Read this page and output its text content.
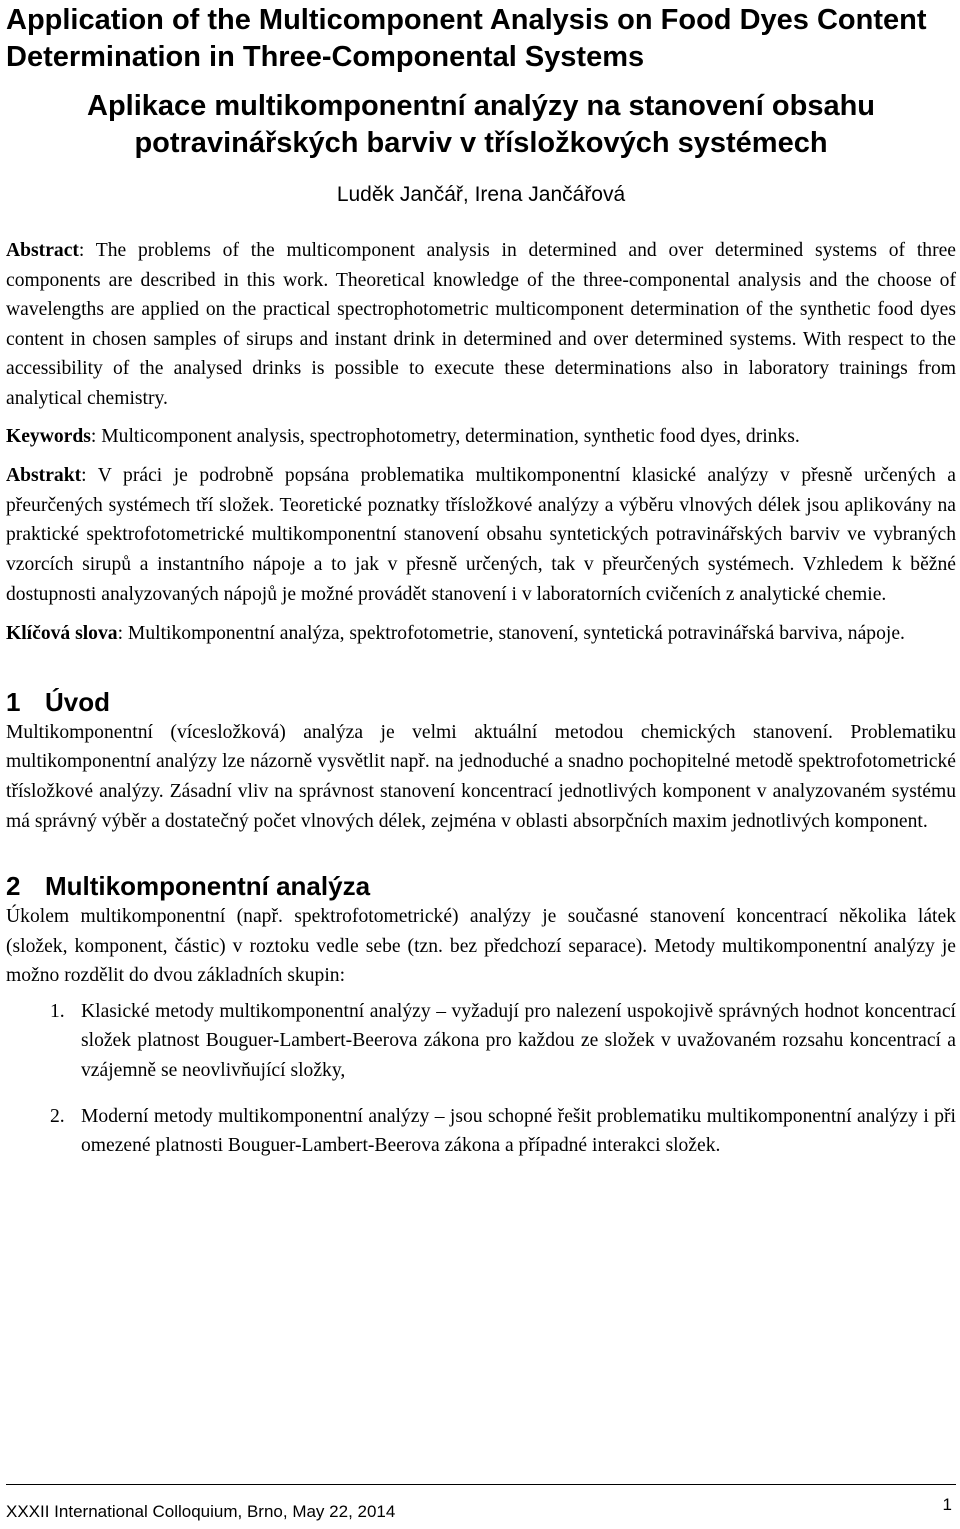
Application of the Multicomponent Analysis on Food Dyes Content Determination in Three-Componental Systems
Aplikace multikomponentní analýzy na stanovení obsahu potravinářských barviv v třísložkových systémech
Luděk Jančář, Irena Jančářová

Abstract: The problems of the multicomponent analysis in determined and over determined systems of three components are described in this work. Theoretical knowledge of the three-componental analysis and the choose of wavelengths are applied on the practical spectrophotometric multicomponent determination of the synthetic food dyes content in chosen samples of sirups and instant drink in determined and over determined systems. With respect to the accessibility of the analysed drinks is possible to execute these determinations also in laboratory trainings from analytical chemistry.

Keywords: Multicomponent analysis, spectrophotometry, determination, synthetic food dyes, drinks.

Abstrakt: V práci je podrobně popsána problematika multikomponentní klasické analýzy v přesně určených a přeurčených systémech tří složek. Teoretické poznatky třísložkové analýzy a výběru vlnových délek jsou aplikovány na praktické spektrofotometrické multikomponentní stanovení obsahu syntetických potravinářských barviv ve vybraných vzorcích sirupů a instantního nápoje a to jak v přesně určených, tak v přeurčených systémech. Vzhledem k běžné dostupnosti analyzovaných nápojů je možné provádět stanovení i v laboratorních cvičeních z analytické chemie.

Klíčová slova: Multikomponentní analýza, spektrofotometrie, stanovení, syntetická potravinářská barviva, nápoje.

1 Úvod

Multikomponentní (vícesložková) analýza je velmi aktuální metodou chemických stanovení. Problematiku multikomponentní analýzy lze názorně vysvětlit např. na jednoduché a snadno pochopitelné metodě spektrofotometrické třísložkové analýzy. Zásadní vliv na správnost stanovení koncentrací jednotlivých komponent v analyzovaném systému má správný výběr a dostatečný počet vlnových délek, zejména v oblasti absorpčních maxim jednotlivých komponent.

2 Multikomponentní analýza

Úkolem multikomponentní (např. spektrofotometrické) analýzy je současné stanovení koncentrací několika látek (složek, komponent, částic) v roztoku vedle sebe (tzn. bez předchozí separace). Metody multikomponentní analýzy je možno rozdělit do dvou základních skupin:

1. Klasické metody multikomponentní analýzy – vyžadují pro nalezení uspokojivě správných hodnot koncentrací složek platnost Bouguer-Lambert-Beerova zákona pro každou ze složek v uvažovaném rozsahu koncentrací a vzájemně se neovlivňující složky,
2. Moderní metody multikomponentní analýzy – jsou schopné řešit problematiku multikomponentní analýzy i při omezené platnosti Bouguer-Lambert-Beerova zákona a případné interakci složek.
XXXII International Colloquium, Brno, May 22, 2014	1
